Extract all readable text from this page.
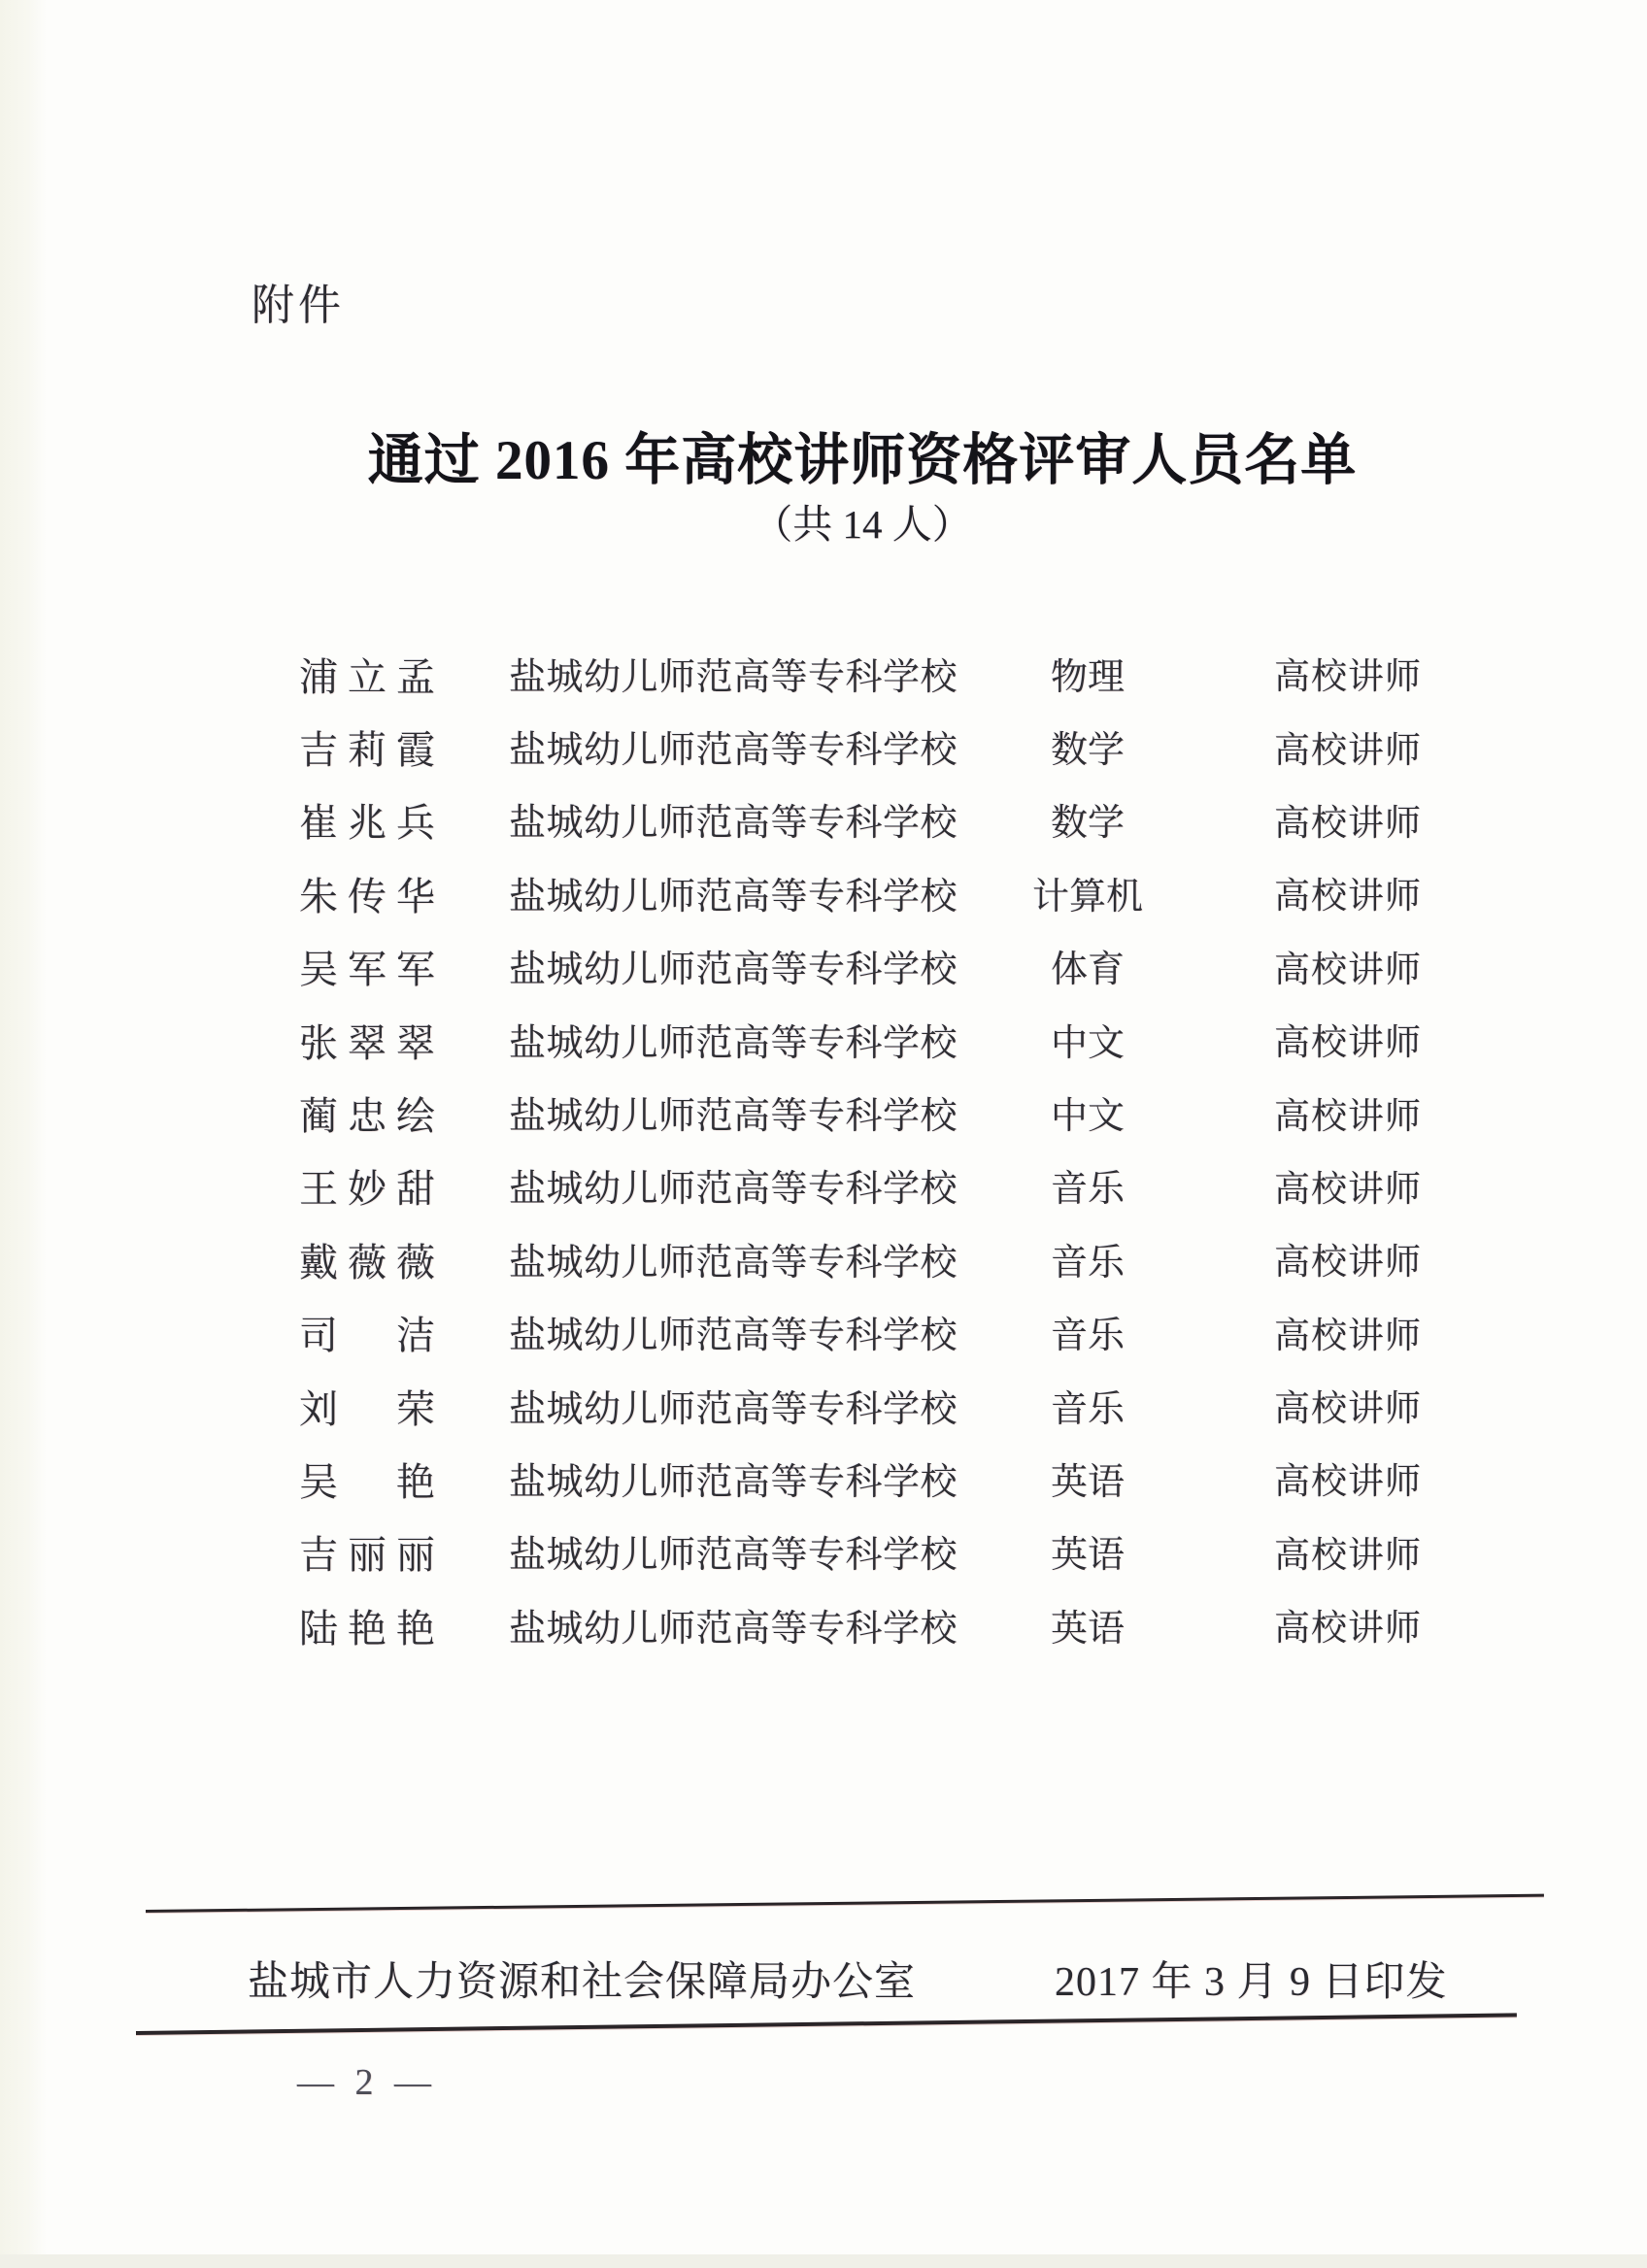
附件
通过 2016 年高校讲师资格评审人员名单
（共 14 人）
浦立孟 盐城幼儿师范高等专科学校	物理	高校讲师
吉莉霞 盐城幼儿师范高等专科学校	数学	高校讲师
崔兆兵 盐城幼儿师范高等专科学校	数学	高校讲师
朱传华 盐城幼儿师范高等专科学校	计算机	高校讲师
吴军军 盐城幼儿师范高等专科学校	体育	高校讲师
张翠翠 盐城幼儿师范高等专科学校	中文	高校讲师
蔺忠绘 盐城幼儿师范高等专科学校	中文	高校讲师
王妙甜 盐城幼儿师范高等专科学校	音乐	高校讲师
戴薇薇 盐城幼儿师范高等专科学校	音乐	高校讲师
司　洁 盐城幼儿师范高等专科学校	音乐	高校讲师
刘　荣 盐城幼儿师范高等专科学校	音乐	高校讲师
吴　艳 盐城幼儿师范高等专科学校	英语	高校讲师
吉丽丽 盐城幼儿师范高等专科学校	英语	高校讲师
陆艳艳 盐城幼儿师范高等专科学校	英语	高校讲师
盐城市人力资源和社会保障局办公室	2017 年 3 月 9 日印发
— 2 —
